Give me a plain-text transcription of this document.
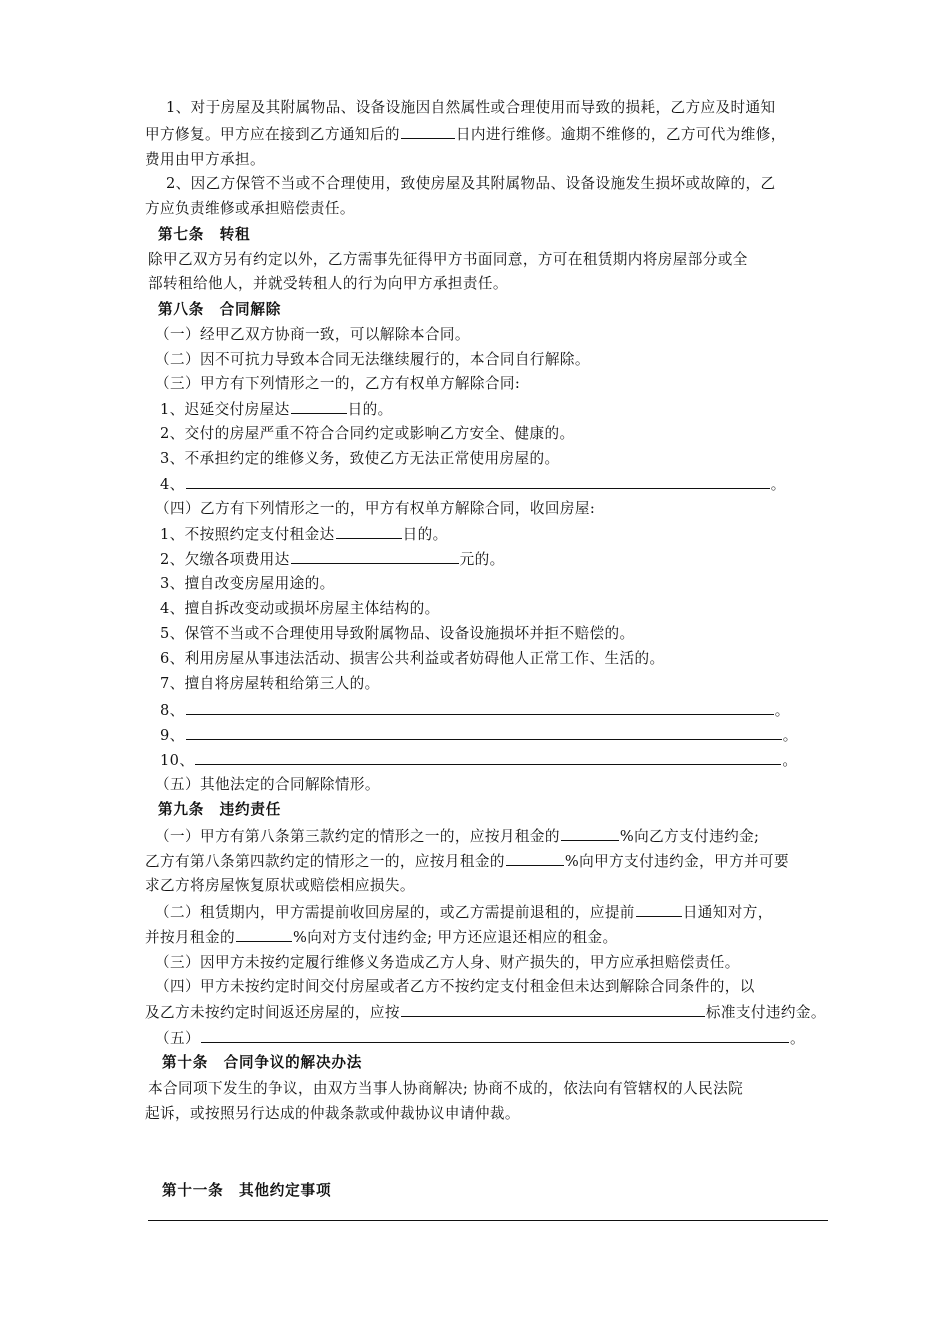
1、对于房屋及其附属物品、设备设施因自然属性或合理使用而导致的损耗，乙方应及时通知
甲方修复。甲方应在接到乙方通知后的	日内进行维修。逾期不维修的，乙方可代为维修，
费用由甲方承担。
2、因乙方保管不当或不合理使用，致使房屋及其附属物品、设备设施发生损坏或故障的，乙
方应负责维修或承担赔偿责任。
第七条　转租
除甲乙双方另有约定以外，乙方需事先征得甲方书面同意，方可在租赁期内将房屋部分或全
部转租给他人，并就受转租人的行为向甲方承担责任。
第八条　合同解除
（一）经甲乙双方协商一致，可以解除本合同。
（二）因不可抗力导致本合同无法继续履行的，本合同自行解除。
（三）甲方有下列情形之一的，乙方有权单方解除合同:
1、迟延交付房屋达	日的。
2、交付的房屋严重不符合合同约定或影响乙方安全、健康的。
3、不承担约定的维修义务，致使乙方无法正常使用房屋的。
4、	。
（四）乙方有下列情形之一的，甲方有权单方解除合同，收回房屋:
1、不按照约定支付租金达	日的。
2、欠缴各项费用达	元的。
3、擅自改变房屋用途的。
4、擅自拆改变动或损坏房屋主体结构的。
5、保管不当或不合理使用导致附属物品、设备设施损坏并拒不赔偿的。
6、利用房屋从事违法活动、损害公共利益或者妨碍他人正常工作、生活的。
7、擅自将房屋转租给第三人的。
8、	。
9、	。
10、	。
（五）其他法定的合同解除情形。
第九条　违约责任
（一）甲方有第八条第三款约定的情形之一的，应按月租金的	%向乙方支付违约金;
乙方有第八条第四款约定的情形之一的，应按月租金的	%向甲方支付违约金，甲方并可要
求乙方将房屋恢复原状或赔偿相应损失。
（二）租赁期内，甲方需提前收回房屋的，或乙方需提前退租的，应提前	日通知对方，
并按月租金的	%向对方支付违约金; 甲方还应退还相应的租金。
（三）因甲方未按约定履行维修义务造成乙方人身、财产损失的，甲方应承担赔偿责任。
（四）甲方未按约定时间交付房屋或者乙方不按约定支付租金但未达到解除合同条件的，以
及乙方未按约定时间返还房屋的，应按	标准支付违约金。
（五）	。
第十条　合同争议的解决办法
本合同项下发生的争议，由双方当事人协商解决; 协商不成的，依法向有管辖权的人民法院
起诉，或按照另行达成的仲裁条款或仲裁协议申请仲裁。
第十一条　其他约定事项
